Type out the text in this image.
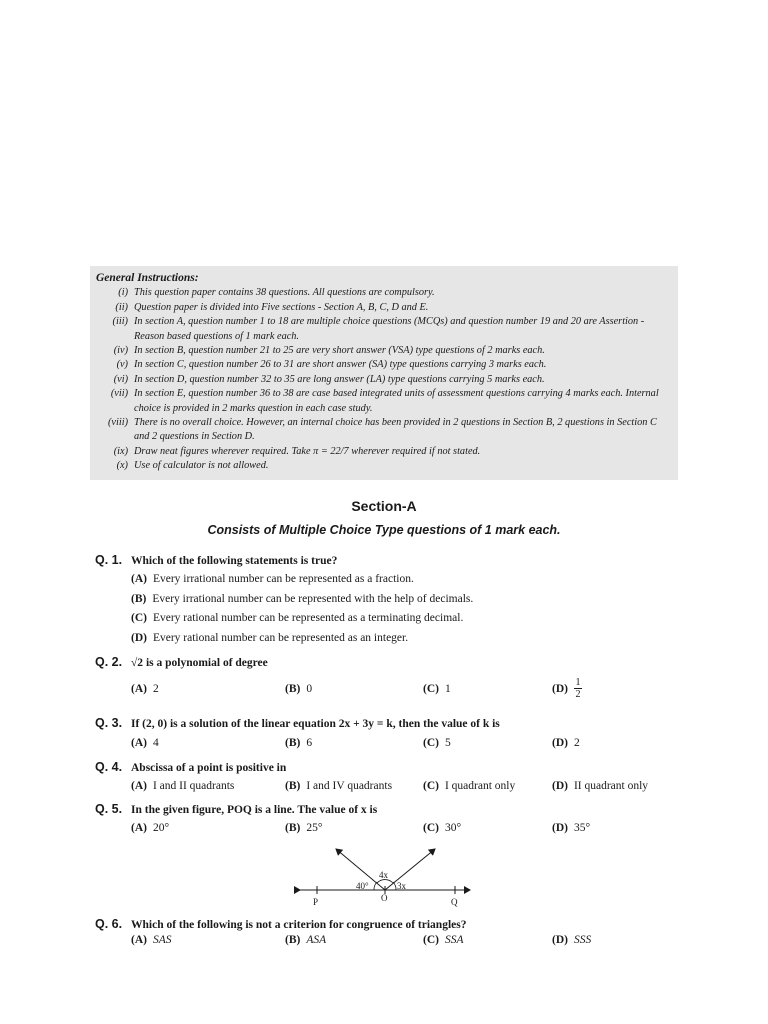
General Instructions:
(i) This question paper contains 38 questions. All questions are compulsory.
(ii) Question paper is divided into Five sections - Section A, B, C, D and E.
(iii) In section A, question number 1 to 18 are multiple choice questions (MCQs) and question number 19 and 20 are Assertion - Reason based questions of 1 mark each.
(iv) In section B, question number 21 to 25 are very short answer (VSA) type questions of 2 marks each.
(v) In section C, question number 26 to 31 are short answer (SA) type questions carrying 3 marks each.
(vi) In section D, question number 32 to 35 are long answer (LA) type questions carrying 5 marks each.
(vii) In section E, question number 36 to 38 are case based integrated units of assessment questions carrying 4 marks each. Internal choice is provided in 2 marks question in each case study.
(viii) There is no overall choice. However, an internal choice has been provided in 2 questions in Section B, 2 questions in Section C and 2 questions in Section D.
(ix) Draw neat figures wherever required. Take π = 22/7 wherever required if not stated.
(x) Use of calculator is not allowed.
Section-A
Consists of Multiple Choice Type questions of 1 mark each.
Q. 1. Which of the following statements is true?
(A) Every irrational number can be represented as a fraction.
(B) Every irrational number can be represented with the help of decimals.
(C) Every rational number can be represented as a terminating decimal.
(D) Every rational number can be represented as an integer.
Q. 2. √2 is a polynomial of degree
(A) 2	(B) 0	(C) 1	$(D) \frac{1}{2}$
Q. 3. If (2, 0) is a solution of the linear equation 2x + 3y = k, then the value of k is
(A) 4	(B) 6	(C) 5	(D) 2
Q. 4. Abscissa of a point is positive in
(A) I and II quadrants	(B) I and IV quadrants	(C) I quadrant only	(D) II quadrant only
Q. 5. In the given figure, POQ is a line. The value of x is
(A) 20°	(B) 25°	(C) 30°	(D) 35°
4x
40°	3x
P	O	Q
Q. 6. Which of the following is not a criterion for congruence of triangles?
(A) SAS	(B) ASA	(C) SSA	(D) SSS
